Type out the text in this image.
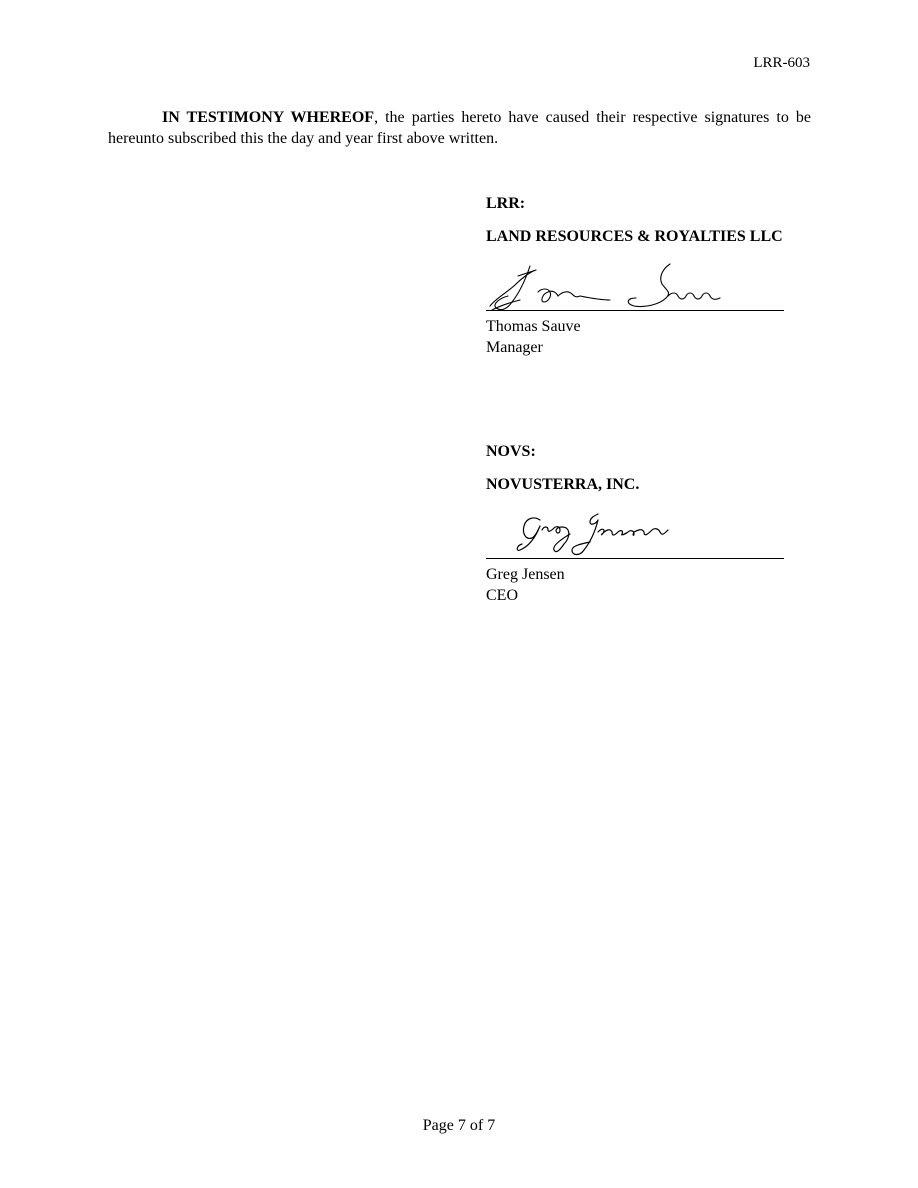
LRR-603

IN TESTIMONY WHEREOF, the parties hereto have caused their respective signatures to be hereunto subscribed this the day and year first above written.

LRR:
LAND RESOURCES & ROYALTIES LLC
Thomas Sauve
Manager
NOVS:
NOVUSTERRA, INC.
Greg Jensen
CEO
Page 7 of 7
